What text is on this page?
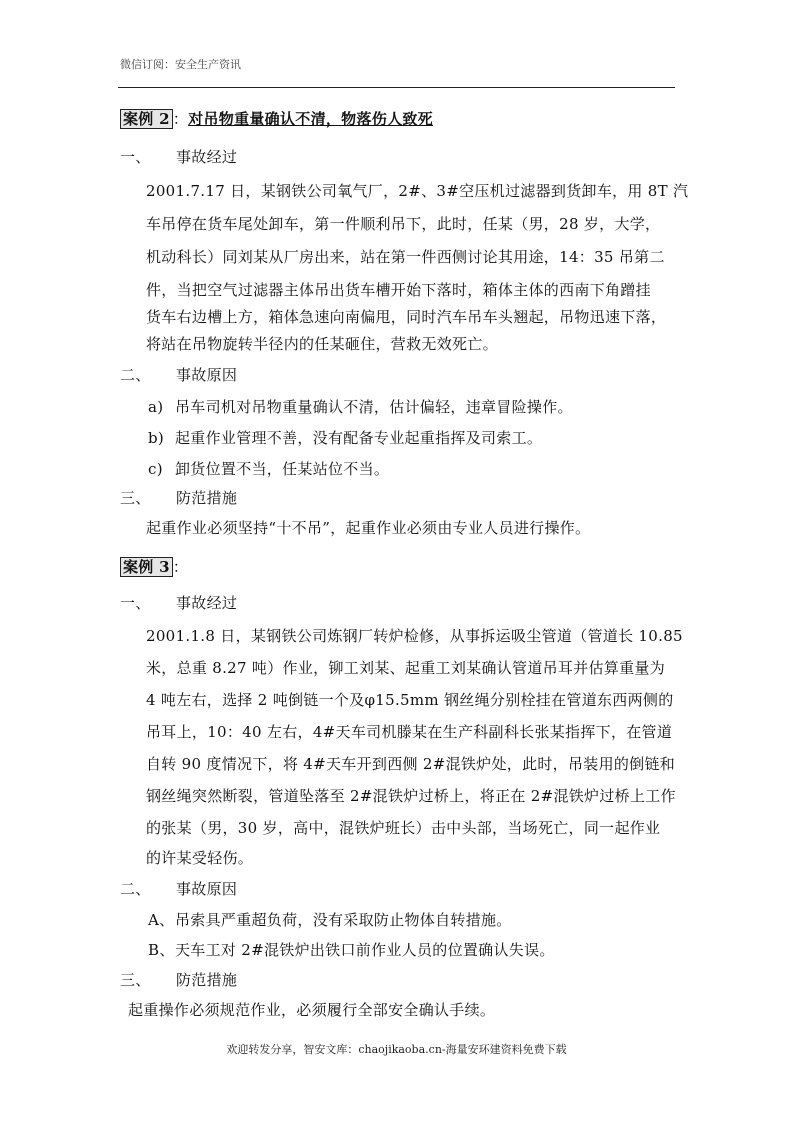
微信订阅：安全生产资讯
案例 2 ：对吊物重量确认不清，物落伤人致死
一、 事故经过
2001.7.17 日，某钢铁公司氧气厂，2#、3#空压机过滤器到货卸车，用 8T 汽
车吊停在货车尾处卸车，第一件顺利吊下，此时，任某（男，28 岁，大学，
机动科长）同刘某从厂房出来，站在第一件西侧讨论其用途，14：35 吊第二
件，当把空气过滤器主体吊出货车槽开始下落时，箱体主体的西南下角蹭挂
货车右边槽上方，箱体急速向南偏甩，同时汽车吊车头翘起，吊物迅速下落，
将站在吊物旋转半径内的任某砸住，营救无效死亡。
二、 事故原因
a) 吊车司机对吊物重量确认不清，估计偏轻，违章冒险操作。
b) 起重作业管理不善，没有配备专业起重指挥及司索工。
c) 卸货位置不当，任某站位不当。
三、 防范措施
起重作业必须坚持“十不吊”，起重作业必须由专业人员进行操作。
案例 3 ：
一、 事故经过
2001.1.8 日，某钢铁公司炼钢厂转炉检修，从事拆运吸尘管道（管道长 10.85
米，总重 8.27 吨）作业，铆工刘某、起重工刘某确认管道吊耳并估算重量为
4 吨左右，选择 2 吨倒链一个及φ15.5mm 钢丝绳分别栓挂在管道东西两侧的
吊耳上，10：40 左右，4#天车司机滕某在生产科副科长张某指挥下，在管道
自转 90 度情况下，将 4#天车开到西侧 2#混铁炉处，此时，吊装用的倒链和
钢丝绳突然断裂，管道坠落至 2#混铁炉过桥上，将正在 2#混铁炉过桥上工作
的张某（男，30 岁，高中，混铁炉班长）击中头部，当场死亡，同一起作业
的许某受轻伤。
二、 事故原因
A、吊索具严重超负荷，没有采取防止物体自转措施。
B、天车工对 2#混铁炉出铁口前作业人员的位置确认失误。
三、 防范措施
起重操作必须规范作业，必须履行全部安全确认手续。
欢迎转发分享，智安文库：chaojikaoba.cn-海量安环建资料免费下载
